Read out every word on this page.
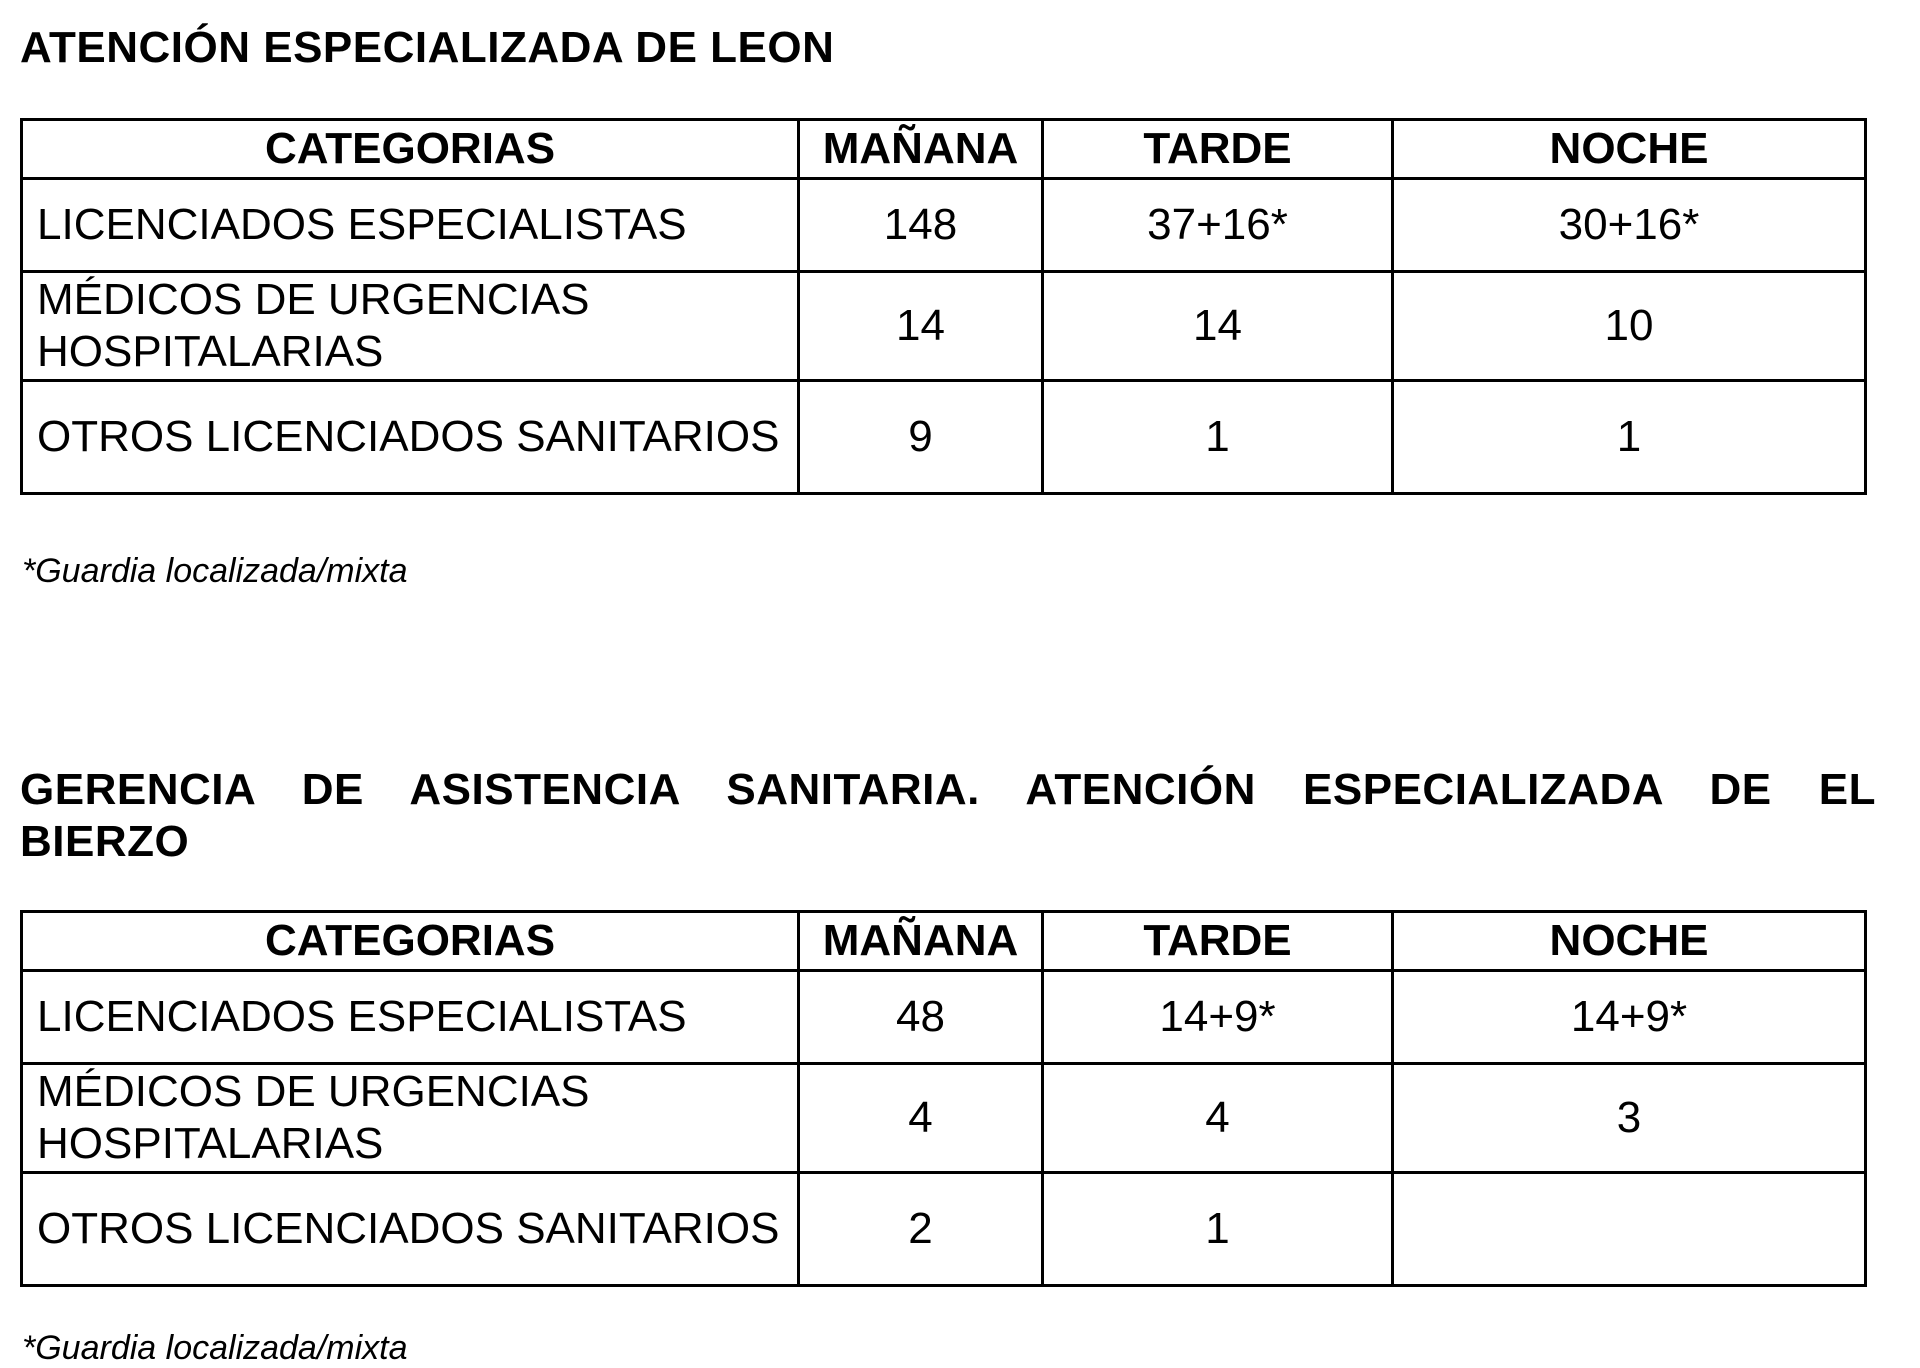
ATENCIÓN ESPECIALIZADA DE LEON
CATEGORIAS	MAÑANA	TARDE	NOCHE
LICENCIADOS ESPECIALISTAS	148	37+16*	30+16*
MÉDICOS DE URGENCIAS HOSPITALARIAS	14	14	10
OTROS LICENCIADOS SANITARIOS	9	1	1
*Guardia localizada/mixta
GERENCIA DE ASISTENCIA SANITARIA. ATENCIÓN ESPECIALIZADA DE EL
BIERZO
CATEGORIAS	MAÑANA	TARDE	NOCHE
LICENCIADOS ESPECIALISTAS	48	14+9*	14+9*
MÉDICOS DE URGENCIAS HOSPITALARIAS	4	4	3
OTROS LICENCIADOS SANITARIOS	2	1	
*Guardia localizada/mixta
